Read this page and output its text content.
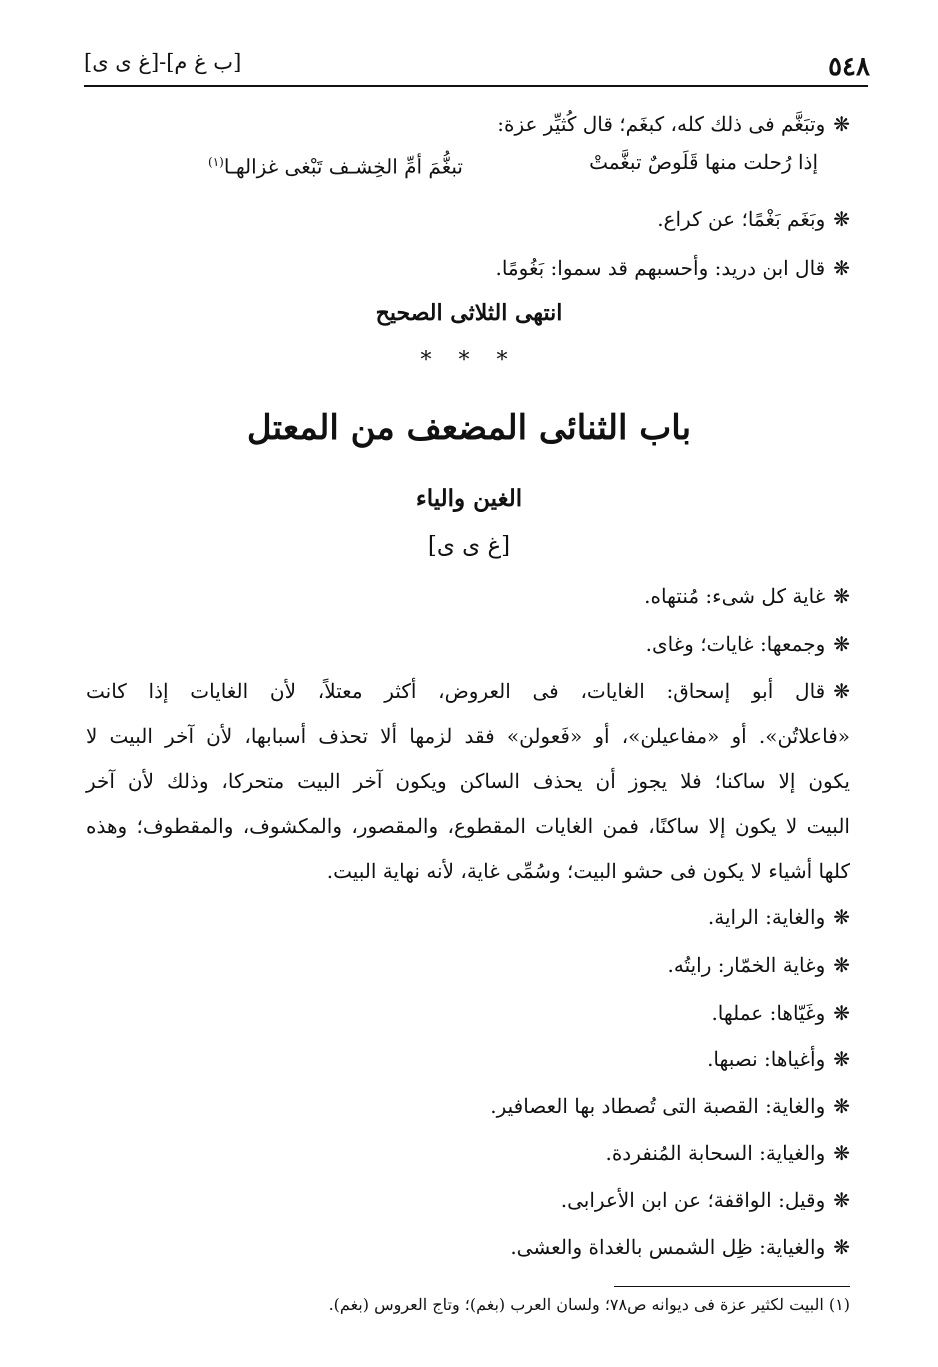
٥٤٨
[ب غ م]-[غ ى ى]
❋وتبَغَّم فى ذلك كله، كبغَم؛ قال كُثيِّر عزة:
إذا رُحلت منها قَلَوصٌ تبغَّمتْ
تبغُّمَ أمِّ الخِشـف تَبْغى غزالهـا$^{(١)}$
❋وبَغَم بَغْمًا؛ عن كراع.
❋قال ابن دريد: وأحسبهم قد سموا: بَغُومًا.
انتهى الثلاثى الصحيح
* * *
باب الثنائى المضعف من المعتل
الغين والياء
[غ ى ى]
❋غاية كل شىء: مُنتهاه.
❋وجمعها: غايات؛ وغاى.
❋قال أبو إسحاق: الغايات، فى العروض، أكثر معتلاً، لأن الغايات إذا كانت
«فاعلاتُن». أو «مفاعيلن»، أو «فَعولن» فقد لزمها ألا تحذف أسبابها، لأن آخر البيت لا
يكون إلا ساكنا؛ فلا يجوز أن يحذف الساكن ويكون آخر البيت متحركا، وذلك لأن آخر
البيت لا يكون إلا ساكنًا، فمن الغايات المقطوع، والمقصور، والمكشوف، والمقطوف؛ وهذه
كلها أشياء لا يكون فى حشو البيت؛ وسُمِّى غاية، لأنه نهاية البيت.
❋والغاية: الراية.
❋وغاية الخمّار: رايتُه.
❋وغَيّاها: عملها.
❋وأغياها: نصبها.
❋والغاية: القصبة التى تُصطاد بها العصافير.
❋والغياية: السحابة المُنفردة.
❋وقيل: الواقفة؛ عن ابن الأعرابى.
❋والغياية: ظِل الشمس بالغداة والعشى.
(١) البيت لكثير عزة فى ديوانه ص٧٨؛ ولسان العرب (بغم)؛ وتاج العروس (بغم).
